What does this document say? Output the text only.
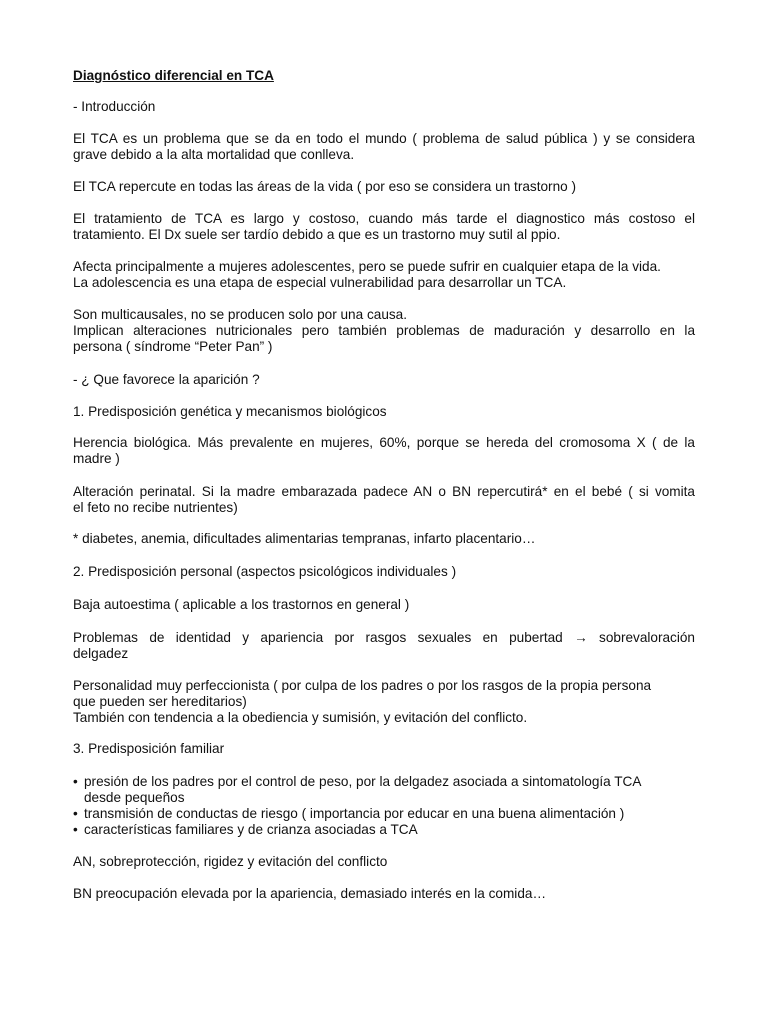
Diagnóstico diferencial en TCA

- Introducción

El TCA es un problema que se da en todo el mundo ( problema de salud pública ) y se considera

grave debido a la alta mortalidad que conlleva.

El TCA repercute en todas las áreas de la vida ( por eso se considera un trastorno )

El tratamiento de TCA es largo y costoso, cuando más tarde el diagnostico más costoso el

tratamiento. El Dx suele ser tardío debido a que es un trastorno muy sutil al ppio.

Afecta principalmente a mujeres adolescentes, pero se puede sufrir en cualquier etapa de la vida.

La adolescencia es una etapa de especial vulnerabilidad para desarrollar un TCA.

Son multicausales, no se producen solo por una causa.

Implican alteraciones nutricionales pero también problemas de maduración y desarrollo en la

persona ( síndrome “Peter Pan” )

- ¿ Que favorece la aparición ?

1. Predisposición genética y mecanismos biológicos

Herencia biológica. Más prevalente en mujeres, 60%, porque se hereda del cromosoma X ( de la

madre )

Alteración perinatal. Si la madre embarazada padece AN o BN repercutirá* en el bebé ( si vomita

el feto no recibe nutrientes)

* diabetes, anemia, dificultades alimentarias tempranas, infarto placentario…

2. Predisposición personal (aspectos psicológicos individuales )

Baja autoestima ( aplicable a los trastornos en general )

Problemas de identidad y apariencia por rasgos sexuales en pubertad → sobrevaloración

delgadez

Personalidad muy perfeccionista ( por culpa de los padres o por los rasgos de la propia persona

que pueden ser hereditarios)

También con tendencia a la obediencia y sumisión, y evitación del conflicto.

3. Predisposición familiar

• presión de los padres por el control de peso, por la delgadez asociada a sintomatología TCA

desde pequeños

• transmisión de conductas de riesgo ( importancia por educar en una buena alimentación )

• características familiares y de crianza asociadas a TCA

AN, sobreprotección, rigidez y evitación del conflicto

BN preocupación elevada por la apariencia, demasiado interés en la comida…
